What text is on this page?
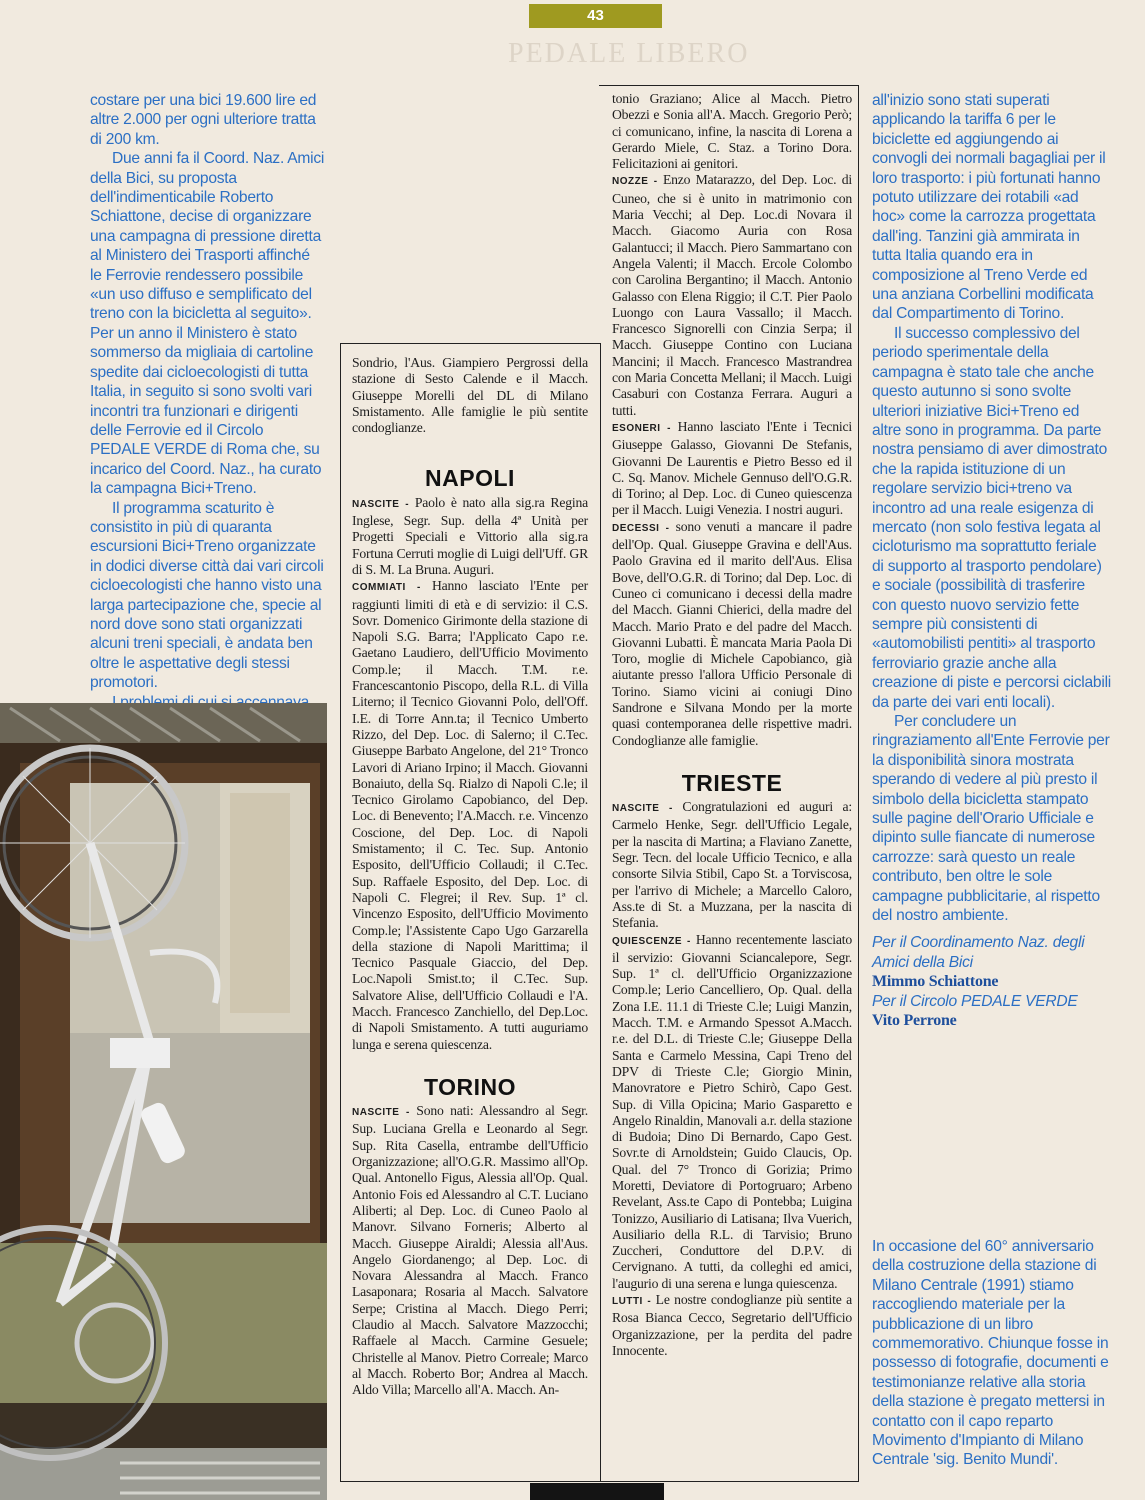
43
PEDALE LIBERO

costare per una bici 19.600 lire ed altre 2.000 per ogni ulteriore tratta di 200 km.

Due anni fa il Coord. Naz. Amici della Bici, su proposta dell'indimenticabile Roberto Schiattone, decise di organizzare una campagna di pressione diretta al Ministero dei Trasporti affinché le Ferrovie rendessero possibile «un uso diffuso e semplificato del treno con la bicicletta al seguito». Per un anno il Ministero è stato sommerso da migliaia di cartoline spedite dai cicloecologisti di tutta Italia, in seguito si sono svolti vari incontri tra funzionari e dirigenti delle Ferrovie ed il Circolo PEDALE VERDE di Roma che, su incarico del Coord. Naz., ha curato la campagna Bici+Treno.

Il programma scaturito è consistito in più di quaranta escursioni Bici+Treno organizzate in dodici diverse città dai vari circoli cicloecologisti che hanno visto una larga partecipazione che, specie al nord dove sono stati organizzati alcuni treni speciali, è andata ben oltre le aspettative degli stessi promotori.

Sondrio, l'Aus. Giampiero Pergrossi della stazione di Sesto Calende e il Macch. Giuseppe Morelli del DL di Milano Smistamento. Alle famiglie le più sentite condoglianze.

NAPOLI

NASCITE - Paolo è nato alla sig.ra Regina Inglese, Segr. Sup. della 4ª Unità per Progetti Speciali e Vittorio alla sig.ra Fortuna Cerruti moglie di Luigi dell'Uff. GR di S. M. La Bruna. Auguri.

COMMIATI - Hanno lasciato l'Ente per raggiunti limiti di età e di servizio: il C.S. Sovr. Domenico Girimonte della stazione di Napoli S.G. Barra; l'Applicato Capo r.e. Gaetano Laudiero, dell'Ufficio Movimento Comp.le; il Macch. T.M. r.e. Francescantonio Piscopo, della R.L. di Villa Literno; il Tecnico Giovanni Polo, dell'Off. I.E. di Torre Ann.ta; il Tecnico Umberto Rizzo, del Dep. Loc. di Salerno; il C.Tec. Giuseppe Barbato Angelone, del 21° Tronco Lavori di Ariano Irpino; il Macch. Giovanni Bonaiuto, della Sq. Rialzo di Napoli C.le; il Tecnico Girolamo Capobianco, del Dep. Loc. di Benevento; l'A.Macch. r.e. Vincenzo Coscione, del Dep. Loc. di Napoli Smistamento; il C. Tec. Sup. Antonio Esposito, dell'Ufficio Collaudi; il C.Tec. Sup. Raffaele Esposito, del Dep. Loc. di Napoli C. Flegrei; il Rev. Sup. 1ª cl. Vincenzo Esposito, dell'Ufficio Movimento Comp.le; l'Assistente Capo Ugo Garzarella della stazione di Napoli Marittima; il Tecnico Pasquale Giaccio, del Dep. Loc.Napoli Smist.to; il C.Tec. Sup. Salvatore Alise, dell'Ufficio Collaudi e l'A. Macch. Francesco Zanchiello, del Dep.Loc. di Napoli Smistamento. A tutti auguriamo lunga e serena quiescenza.

TORINO

NASCITE - Sono nati: Alessandro al Segr. Sup. Luciana Grella e Leonardo al Segr. Sup. Rita Casella, entrambe dell'Ufficio Organizzazione; all'O.G.R. Massimo all'Op. Qual. Antonello Figus, Alessia all'Op. Qual. Antonio Fois ed Alessandro al C.T. Luciano Aliberti; al Dep. Loc. di Cuneo Paolo al Manovr. Silvano Forneris; Alberto al Macch. Giuseppe Airaldi; Alessia all'Aus. Angelo Giordanengo; al Dep. Loc. di Novara Alessandra al Macch. Franco Lasaponara; Rosaria al Macch. Salvatore Serpe; Cristina al Macch. Diego Perri; Claudio al Macch. Salvatore Mazzocchi; Raffaele al Macch. Carmine Gesuele; Christelle al Manov. Pietro Correale; Marco al Macch. Roberto Bor; Andrea al Macch. Aldo Villa; Marcello all'A. Macch. An-

tonio Graziano; Alice al Macch. Pietro Obezzi e Sonia all'A. Macch. Gregorio Però; ci comunicano, infine, la nascita di Lorena a Gerardo Miele, C. Staz. a Torino Dora. Felicitazioni ai genitori.

NOZZE - Enzo Matarazzo, del Dep. Loc. di Cuneo, che si è unito in matrimonio con Maria Vecchi; al Dep. Loc.di Novara il Macch. Giacomo Auria con Rosa Galantucci; il Macch. Piero Sammartano con Angela Valenti; il Macch. Ercole Colombo con Carolina Bergantino; il Macch. Antonio Galasso con Elena Riggio; il C.T. Pier Paolo Luongo con Laura Vassallo; il Macch. Francesco Signorelli con Cinzia Serpa; il Macch. Giuseppe Contino con Luciana Mancini; il Macch. Francesco Mastrandrea con Maria Concetta Mellani; il Macch. Luigi Casaburi con Costanza Ferrara. Auguri a tutti.

ESONERI - Hanno lasciato l'Ente i Tecnici Giuseppe Galasso, Giovanni De Stefanis, Giovanni De Laurentis e Pietro Besso ed il C. Sq. Manov. Michele Gennuso dell'O.G.R. di Torino; al Dep. Loc. di Cuneo quiescenza per il Macch. Luigi Venezia. I nostri auguri.

DECESSI - sono venuti a mancare il padre dell'Op. Qual. Giuseppe Gravina e dell'Aus. Paolo Gravina ed il marito dell'Aus. Elisa Bove, dell'O.G.R. di Torino; dal Dep. Loc. di Cuneo ci comunicano i decessi della madre del Macch. Gianni Chierici, della madre del Macch. Mario Prato e del padre del Macch. Giovanni Lubatti. È mancata Maria Paola Di Toro, moglie di Michele Capobianco, già aiutante presso l'allora Ufficio Personale di Torino. Siamo vicini ai coniugi Dino Sandrone e Silvana Mondo per la morte quasi contemporanea delle rispettive madri. Condoglianze alle famiglie.

TRIESTE

NASCITE - Congratulazioni ed auguri a: Carmelo Henke, Segr. dell'Ufficio Legale, per la nascita di Martina; a Flaviano Zanette, Segr. Tecn. del locale Ufficio Tecnico, e alla consorte Silvia Stibil, Capo St. a Torviscosa, per l'arrivo di Michele; a Marcello Caloro, Ass.te di St. a Muzzana, per la nascita di Stefania.

QUIESCENZE - Hanno recentemente lasciato il servizio: Giovanni Sciancalepore, Segr. Sup. 1ª cl. dell'Ufficio Organizzazione Comp.le; Lerio Cancelliero, Op. Qual. della Zona I.E. 11.1 di Trieste C.le; Luigi Manzin, Macch. T.M. e Armando Spessot A.Macch. r.e. del D.L. di Trieste C.le; Giuseppe Della Santa e Carmelo Messina, Capi Treno del DPV di Trieste C.le; Giorgio Minin, Manovratore e Pietro Schirò, Capo Gest. Sup. di Villa Opicina; Mario Gasparetto e Angelo Rinaldin, Manovali a.r. della stazione di Budoia; Dino Di Bernardo, Capo Gest. Sovr.te di Arnoldstein; Guido Claucis, Op. Qual. del 7° Tronco di Gorizia; Primo Moretti, Deviatore di Portogruaro; Arbeno Revelant, Ass.te Capo di Pontebba; Luigina Tonizzo, Ausiliario di Latisana; Ilva Vuerich, Ausiliario della R.L. di Tarvisio; Bruno Zuccheri, Conduttore del D.P.V. di Cervignano. A tutti, da colleghi ed amici, l'augurio di una serena e lunga quiescenza.

LUTTI - Le nostre condoglianze più sentite a Rosa Bianca Cecco, Segretario dell'Ufficio Organizzazione, per la perdita del padre Innocente.

all'inizio sono stati superati applicando la tariffa 6 per le biciclette ed aggiungendo ai convogli dei normali bagagliai per il loro trasporto: i più fortunati hanno potuto utilizzare dei rotabili «ad hoc» come la carrozza progettata dall'ing. Tanzini già ammirata in tutta Italia quando era in composizione al Treno Verde ed una anziana Corbellini modificata dal Compartimento di Torino.

Il successo complessivo del periodo sperimentale della campagna è stato tale che anche questo autunno si sono svolte ulteriori iniziative Bici+Treno ed altre sono in programma. Da parte nostra pensiamo di aver dimostrato che la rapida istituzione di un regolare servizio bici+treno va incontro ad una reale esigenza di mercato (non solo festiva legata al cicloturismo ma soprattutto feriale di supporto al trasporto pendolare) e sociale (possibilità di trasferire con questo nuovo servizio fette sempre più consistenti di «automobilisti pentiti» al trasporto ferroviario grazie anche alla creazione di piste e percorsi ciclabili da parte dei vari enti locali).

Per concludere un ringraziamento all'Ente Ferrovie per la disponibilità sinora mostrata sperando di vedere al più presto il simbolo della bicicletta stampato sulle pagine dell'Orario Ufficiale e dipinto sulle fiancate di numerose carrozze: sarà questo un reale contributo, ben oltre le sole campagne pubblicitarie, al rispetto del nostro ambiente.

Per il Coordinamento Naz. degli Amici della Bici
Mimmo Schiattone
Per il Circolo PEDALE VERDE
Vito Perrone

In occasione del 60° anniversario della costruzione della stazione di Milano Centrale (1991) stiamo raccogliendo materiale per la pubblicazione di un libro commemorativo. Chiunque fosse in possesso di fotografie, documenti e testimonianze relative alla storia della stazione è pregato mettersi in contatto con il capo reparto Movimento d'Impianto di Milano Centrale 'sig. Benito Mundi'.
